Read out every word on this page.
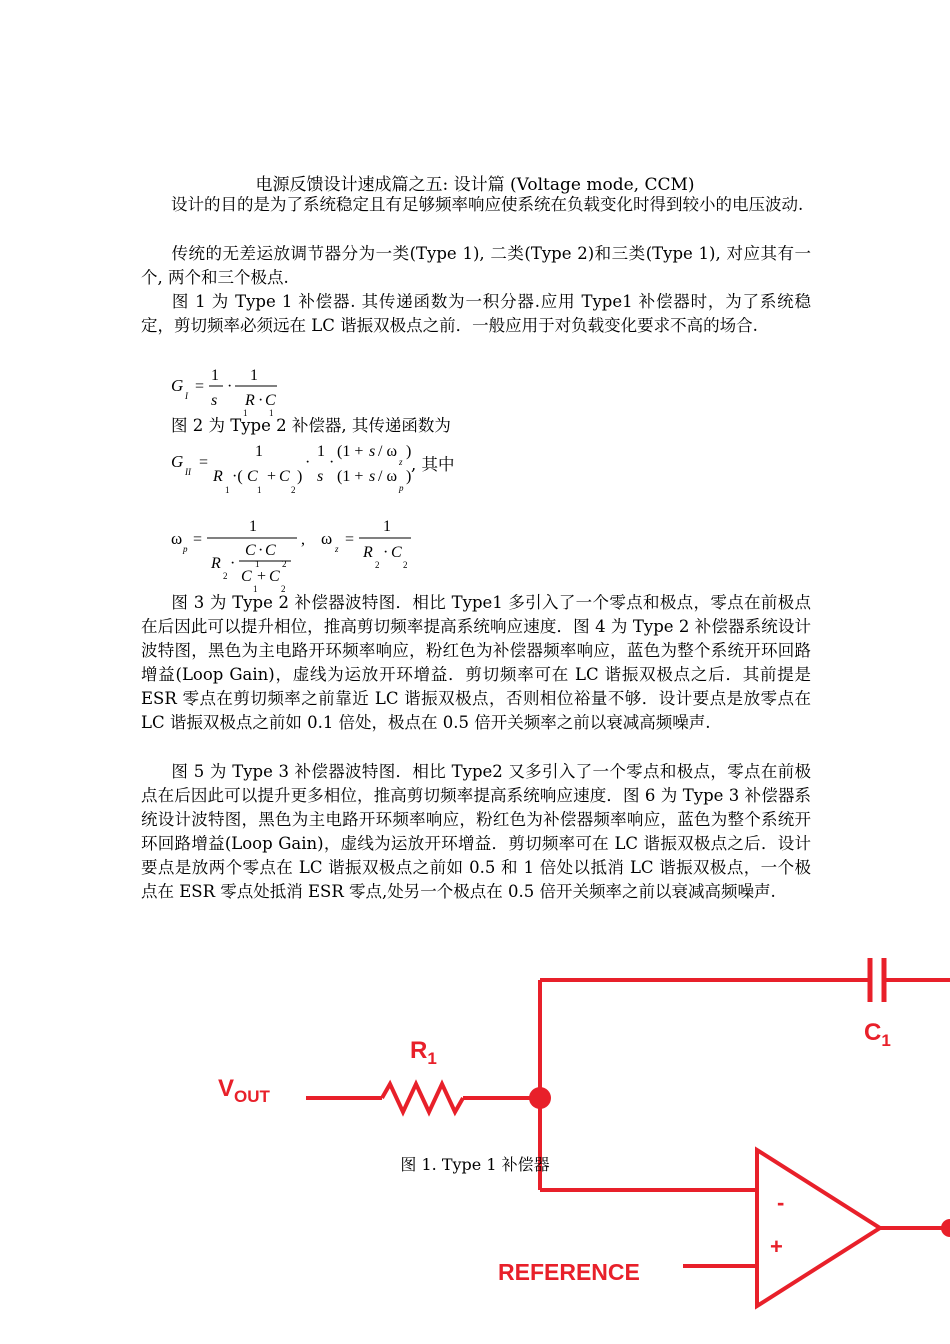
电源反馈设计速成篇之五: 设计篇 (Voltage mode, CCM)

设计的目的是为了系统稳定且有足够频率响应使系统在负载变化时得到较小的电压波动.

传统的无差运放调节器分为一类(Type 1), 二类(Type 2)和三类(Type 1), 对应其有一个, 两个和三个极点.

图 1 为 Type 1 补偿器. 其传递函数为一积分器.应用 Type1 补偿器时，为了系统稳定，剪切频率必须远在 LC 谐振双极点之前．一般应用于对负载变化要求不高的场合.

G
I
=
1
s
·
1
R
1
· C
1

图 2 为 Type 2 补偿器, 其传递函数为

G
II
=
1
R
1
·( C
1
+ C
2
)
·
1
s
·
(1 + s / ω
z
)
(1 + s / ω
p
)
, 其中
ω
p
=
1
R
2
·
C · C
1	2
C + C
1	2
, ω
z
=
1
R
2
· C
2

图 3 为 Type 2 补偿器波特图．相比 Type1 多引入了一个零点和极点，零点在前极点在后因此可以提升相位，推高剪切频率提高系统响应速度．图 4 为 Type 2 补偿器系统设计波特图，黑色为主电路开环频率响应，粉红色为补偿器频率响应，蓝色为整个系统开环回路增益(Loop Gain)，虚线为运放开环增益．剪切频率可在 LC 谐振双极点之后．其前提是 ESR 零点在剪切频率之前靠近 LC 谐振双极点，否则相位裕量不够．设计要点是放零点在 LC 谐振双极点之前如 0.1 倍处，极点在 0.5 倍开关频率之前以衰减高频噪声.

图 5 为 Type 3 补偿器波特图．相比 Type2 又多引入了一个零点和极点，零点在前极点在后因此可以提升更多相位，推高剪切频率提高系统响应速度．图 6 为 Type 3 补偿器系统设计波特图，黑色为主电路开环频率响应，粉红色为补偿器频率响应，蓝色为整个系统开环回路增益(Loop Gain)，虚线为运放开环增益．剪切频率可在 LC 谐振双极点之后．设计要点是放两个零点在 LC 谐振双极点之前如 0.5 和 1 倍处以抵消 LC 谐振双极点，一个极点在 ESR 零点处抵消 ESR 零点,处另一个极点在 0.5 倍开关频率之前以衰减高频噪声.

$C_1$
$R_1$
$V_{OUT}$
REFERENCE
-
+
图 1. Type 1 补偿器
